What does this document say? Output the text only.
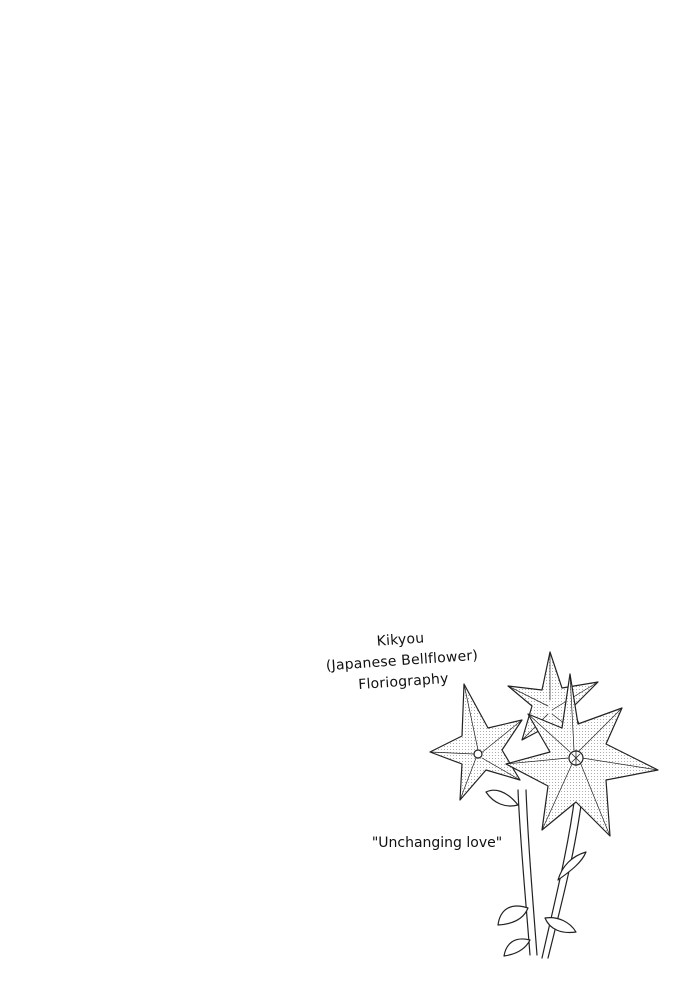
Kikyou
(Japanese Bellflower)
Floriography
"Unchanging love"
